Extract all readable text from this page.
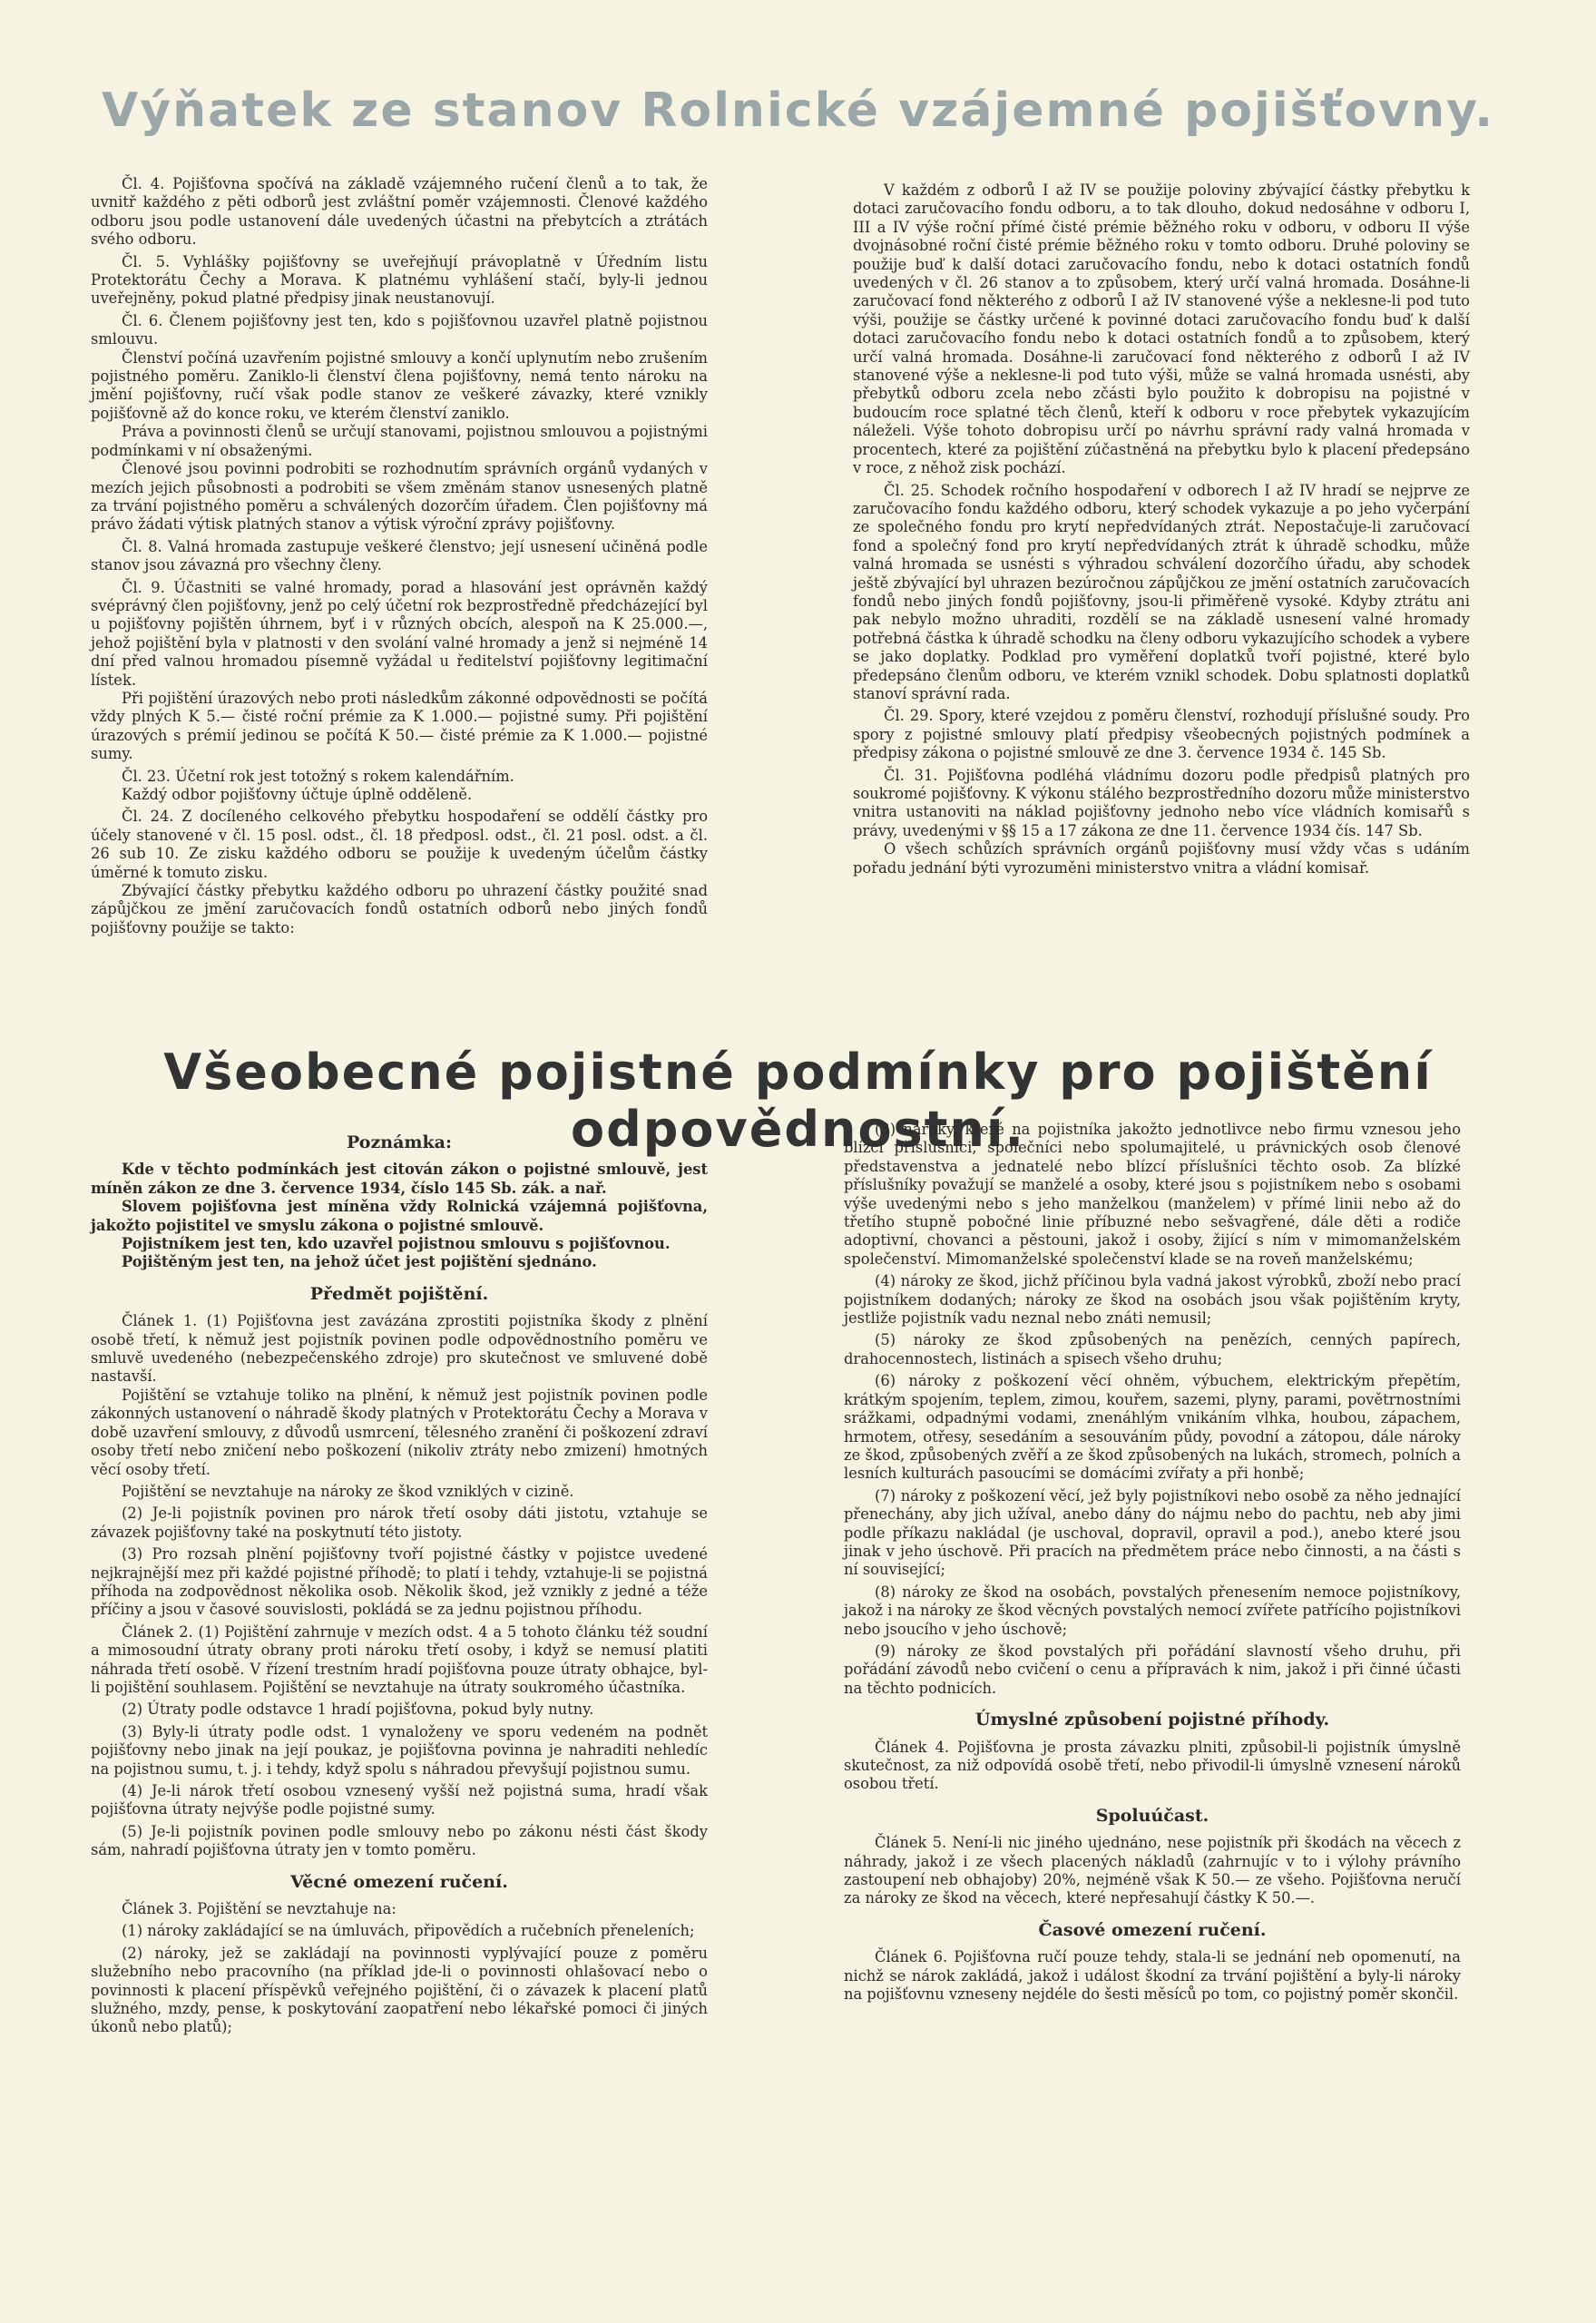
Výňatek ze stanov Rolnické vzájemné pojišťovny.

Čl. 4. Pojišťovna spočívá na základě vzájemného ručení členů a to tak, že uvnitř každého z pěti odborů jest zvláštní poměr vzájemnosti. Členové každého odboru jsou podle ustanovení dále uvedených účastni na přebytcích a ztrátách svého odboru.

Čl. 5. Vyhlášky pojišťovny se uveřejňují právoplatně v Úředním listu Protektorátu Čechy a Morava. K platnému vyhlášení stačí, byly-li jednou uveřejněny, pokud platné předpisy jinak neustanovují.

Čl. 6. Členem pojišťovny jest ten, kdo s pojišťovnou uzavřel platně pojistnou smlouvu.

Členství počíná uzavřením pojistné smlouvy a končí uplynutím nebo zrušením pojistného poměru. Zaniklo-li členství člena pojišťovny, nemá tento nároku na jmění pojišťovny, ručí však podle stanov ze veškeré závazky, které vznikly pojišťovně až do konce roku, ve kterém členství zaniklo.

Práva a povinnosti členů se určují stanovami, pojistnou smlouvou a pojistnými podmínkami v ní obsaženými.

Členové jsou povinni podrobiti se rozhodnutím správních orgánů vydaných v mezích jejich působnosti a podrobiti se všem změnám stanov usnesených platně za trvání pojistného poměru a schválených dozorčím úřadem. Člen pojišťovny má právo žádati výtisk platných stanov a výtisk výroční zprávy pojišťovny.

Čl. 8. Valná hromada zastupuje veškeré členstvo; její usnesení učiněná podle stanov jsou závazná pro všechny členy.

Čl. 9. Účastniti se valné hromady, porad a hlasování jest oprávněn každý svéprávný člen pojišťovny, jenž po celý účetní rok bezprostředně předcházející byl u pojišťovny pojištěn úhrnem, byť i v různých obcích, alespoň na K 25.000.—, jehož pojištění byla v platnosti v den svolání valné hromady a jenž si nejméně 14 dní před valnou hromadou písemně vyžádal u ředitelství pojišťovny legitimační lístek.

Při pojištění úrazových nebo proti následkům zákonné odpovědnosti se počítá vždy plných K 5.— čisté roční prémie za K 1.000.— pojistné sumy. Při pojištění úrazových s prémií jedinou se počítá K 50.— čisté prémie za K 1.000.— pojistné sumy.

Čl. 23. Účetní rok jest totožný s rokem kalendářním.

Každý odbor pojišťovny účtuje úplně odděleně.

Čl. 24. Z docíleného celkového přebytku hospodaření se oddělí částky pro účely stanovené v čl. 15 posl. odst., čl. 18 předposl. odst., čl. 21 posl. odst. a čl. 26 sub 10. Ze zisku každého odboru se použije k uvedeným účelům částky úměrné k tomuto zisku.

Zbývající částky přebytku každého odboru po uhrazení částky použité snad zápůjčkou ze jmění zaručovacích fondů ostatních odborů nebo jiných fondů pojišťovny použije se takto:

V každém z odborů I až IV se použije poloviny zbývající částky přebytku k dotaci zaručovacího fondu odboru, a to tak dlouho, dokud nedosáhne v odboru I, III a IV výše roční přímé čisté prémie běžného roku v odboru, v odboru II výše dvojnásobné roční čisté prémie běžného roku v tomto odboru. Druhé poloviny se použije buď k další dotaci zaručovacího fondu, nebo k dotaci ostatních fondů uvedených v čl. 26 stanov a to způsobem, který určí valná hromada. Dosáhne-li zaručovací fond některého z odborů I až IV stanovené výše a neklesne-li pod tuto výši, použije se částky určené k povinné dotaci zaručovacího fondu buď k další dotaci zaručovacího fondu nebo k dotaci ostatních fondů a to způsobem, který určí valná hromada. Dosáhne-li zaručovací fond některého z odborů I až IV stanovené výše a neklesne-li pod tuto výši, může se valná hromada usnésti, aby přebytků odboru zcela nebo zčásti bylo použito k dobropisu na pojistné v budoucím roce splatné těch členů, kteří k odboru v roce přebytek vykazujícím náleželi. Výše tohoto dobropisu určí po návrhu správní rady valná hromada v procentech, které za pojištění zúčastněná na přebytku bylo k placení předepsáno v roce, z něhož zisk pochází.

Čl. 25. Schodek ročního hospodaření v odborech I až IV hradí se nejprve ze zaručovacího fondu každého odboru, který schodek vykazuje a po jeho vyčerpání ze společného fondu pro krytí nepředvídaných ztrát. Nepostačuje-li zaručovací fond a společný fond pro krytí nepředvídaných ztrát k úhradě schodku, může valná hromada se usnésti s výhradou schválení dozorčího úřadu, aby schodek ještě zbývající byl uhrazen bezúročnou zápůjčkou ze jmění ostatních zaručovacích fondů nebo jiných fondů pojišťovny, jsou-li přiměřeně vysoké. Kdyby ztrátu ani pak nebylo možno uhraditi, rozdělí se na základě usnesení valné hromady potřebná částka k úhradě schodku na členy odboru vykazujícího schodek a vybere se jako doplatky. Podklad pro vyměření doplatků tvoří pojistné, které bylo předepsáno členům odboru, ve kterém vznikl schodek. Dobu splatnosti doplatků stanoví správní rada.

Čl. 29. Spory, které vzejdou z poměru členství, rozhodují příslušné soudy. Pro spory z pojistné smlouvy platí předpisy všeobecných pojistných podmínek a předpisy zákona o pojistné smlouvě ze dne 3. července 1934 č. 145 Sb.

Čl. 31. Pojišťovna podléhá vládnímu dozoru podle předpisů platných pro soukromé pojišťovny. K výkonu stálého bezprostředního dozoru může ministerstvo vnitra ustanoviti na náklad pojišťovny jednoho nebo více vládních komisařů s právy, uvedenými v §§ 15 a 17 zákona ze dne 11. července 1934 čís. 147 Sb.

O všech schůzích správních orgánů pojišťovny musí vždy včas s udáním pořadu jednání býti vyrozuměni ministerstvo vnitra a vládní komisař.

Všeobecné pojistné podmínky pro pojištění odpovědnostní.
Poznámka:

Kde v těchto podmínkách jest citován zákon o pojistné smlouvě, jest míněn zákon ze dne 3. července 1934, číslo 145 Sb. zák. a nař.

Slovem pojišťovna jest míněna vždy Rolnická vzájemná pojišťovna, jakožto pojistitel ve smyslu zákona o pojistné smlouvě.

Pojistníkem jest ten, kdo uzavřel pojistnou smlouvu s pojišťovnou.

Pojištěným jest ten, na jehož účet jest pojištění sjednáno.

Předmět pojištění.

Článek 1. (1) Pojišťovna jest zavázána zprostiti pojistníka škody z plnění osobě třetí, k němuž jest pojistník povinen podle odpovědnostního poměru ve smluvě uvedeného (nebezpečenského zdroje) pro skutečnost ve smluvené době nastavší.

Pojištění se vztahuje toliko na plnění, k němuž jest pojistník povinen podle zákonných ustanovení o náhradě škody platných v Protektorátu Čechy a Morava v době uzavření smlouvy, z důvodů usmrcení, tělesného zranění či poškození zdraví osoby třetí nebo zničení nebo poškození (nikoliv ztráty nebo zmizení) hmotných věcí osoby třetí.

Pojištění se nevztahuje na nároky ze škod vzniklých v cizině.

(2) Je-li pojistník povinen pro nárok třetí osoby dáti jistotu, vztahuje se závazek pojišťovny také na poskytnutí této jistoty.

(3) Pro rozsah plnění pojišťovny tvoří pojistné částky v pojistce uvedené nejkrajnější mez při každé pojistné příhodě; to platí i tehdy, vztahuje-li se pojistná příhoda na zodpovědnost několika osob. Několik škod, jež vznikly z jedné a téže příčiny a jsou v časové souvislosti, pokládá se za jednu pojistnou příhodu.

Článek 2. (1) Pojištění zahrnuje v mezích odst. 4 a 5 tohoto článku též soudní a mimosoudní útraty obrany proti nároku třetí osoby, i když se nemusí platiti náhrada třetí osobě. V řízení trestním hradí pojišťovna pouze útraty obhajce, byl-li pojištění souhlasem. Pojištění se nevztahuje na útraty soukromého účastníka.

(2) Útraty podle odstavce 1 hradí pojišťovna, pokud byly nutny.

(3) Byly-li útraty podle odst. 1 vynaloženy ve sporu vedeném na podnět pojišťovny nebo jinak na její poukaz, je pojišťovna povinna je nahraditi nehledíc na pojistnou sumu, t. j. i tehdy, když spolu s náhradou převyšují pojistnou sumu.

(4) Je-li nárok třetí osobou vznesený vyšší než pojistná suma, hradí však pojišťovna útraty nejvýše podle pojistné sumy.

(5) Je-li pojistník povinen podle smlouvy nebo po zákonu nésti část škody sám, nahradí pojišťovna útraty jen v tomto poměru.

Věcné omezení ručení.

Článek 3. Pojištění se nevztahuje na:

(1) nároky zakládající se na úmluvách, připovědích a ručebních přeneleních;

(2) nároky, jež se zakládají na povinnosti vyplývající pouze z poměru služebního nebo pracovního (na příklad jde-li o povinnosti ohlašovací nebo o povinnosti k placení příspěvků veřejného pojištění, či o závazek k placení platů služného, mzdy, pense, k poskytování zaopatření nebo lékařské pomoci či jiných úkonů nebo platů);

(3) nároky, které na pojistníka jakožto jednotlivce nebo firmu vznesou jeho blízcí příslušníci, společníci nebo spolumajitelé, u právnických osob členové představenstva a jednatelé nebo blízcí příslušníci těchto osob. Za blízké příslušníky považují se manželé a osoby, které jsou s pojistníkem nebo s osobami výše uvedenými nebo s jeho manželkou (manželem) v přímé linii nebo až do třetího stupně pobočné linie příbuzné nebo sešvagřené, dále děti a rodiče adoptivní, chovanci a pěstouni, jakož i osoby, žijící s ním v mimomanželském společenství. Mimomanželské společenství klade se na roveň manželskému;

(4) nároky ze škod, jichž příčinou byla vadná jakost výrobků, zboží nebo prací pojistníkem dodaných; nároky ze škod na osobách jsou však pojištěním kryty, jestliže pojistník vadu neznal nebo znáti nemusil;

(5) nároky ze škod způsobených na penězích, cenných papírech, drahocennostech, listinách a spisech všeho druhu;

(6) nároky z poškození věcí ohněm, výbuchem, elektrickým přepětím, krátkým spojením, teplem, zimou, kouřem, sazemi, plyny, parami, povětrnostními srážkami, odpadnými vodami, znenáhlým vnikáním vlhka, houbou, zápachem, hrmotem, otřesy, sesedáním a sesouváním půdy, povodní a zátopou, dále nároky ze škod, způsobených zvěří a ze škod způsobených na lukách, stromech, polních a lesních kulturách pasoucími se domácími zvířaty a při honbě;

(7) nároky z poškození věcí, jež byly pojistníkovi nebo osobě za něho jednající přenechány, aby jich užíval, anebo dány do nájmu nebo do pachtu, neb aby jimi podle příkazu nakládal (je uschoval, dopravil, opravil a pod.), anebo které jsou jinak v jeho úschově. Při pracích na předmětem práce nebo činnosti, a na části s ní související;

(8) nároky ze škod na osobách, povstalých přenesením nemoce pojistníkovy, jakož i na nároky ze škod věcných povstalých nemocí zvířete patřícího pojistníkovi nebo jsoucího v jeho úschově;

(9) nároky ze škod povstalých při pořádání slavností všeho druhu, při pořádání závodů nebo cvičení o cenu a přípravách k nim, jakož i při činné účasti na těchto podnicích.

Úmyslné způsobení pojistné příhody.

Článek 4. Pojišťovna je prosta závazku plniti, způsobil-li pojistník úmyslně skutečnost, za niž odpovídá osobě třetí, nebo přivodil-li úmyslně vznesení nároků osobou třetí.

Spoluúčast.

Článek 5. Není-li nic jiného ujednáno, nese pojistník při škodách na věcech z náhrady, jakož i ze všech placených nákladů (zahrnujíc v to i výlohy právního zastoupení neb obhajoby) 20%, nejméně však K 50.— ze všeho. Pojišťovna neručí za nároky ze škod na věcech, které nepřesahují částky K 50.—.

Časové omezení ručení.

Článek 6. Pojišťovna ručí pouze tehdy, stala-li se jednání neb opomenutí, na nichž se nárok zakládá, jakož i událost škodní za trvání pojištění a byly-li nároky na pojišťovnu vzneseny nejdéle do šesti měsíců po tom, co pojistný poměr skončil.
